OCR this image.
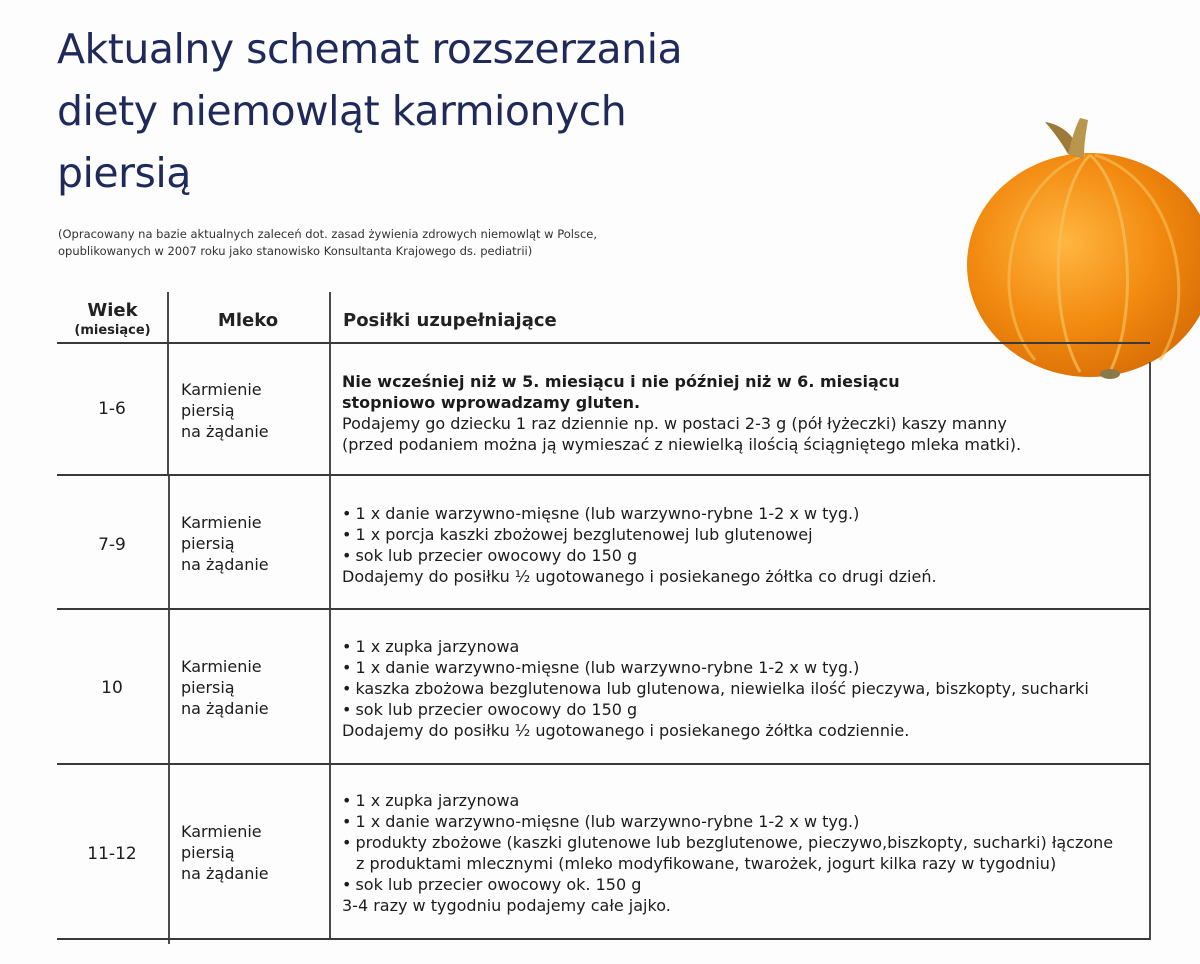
Aktualny schemat rozszerzania
diety niemowląt karmionych
piersią
(Opracowany na bazie aktualnych zaleceń dot. zasad żywienia zdrowych niemowląt w Polsce,
opublikowanych w 2007 roku jako stanowisko Konsultanta Krajowego ds. pediatrii)
Wiek
(miesiące)	Mleko	Posiłki uzupełniające
1-6
Karmienie
piersią
na żądanie
Nie wcześniej niż w 5. miesiącu i nie później niż w 6. miesiącu
stopniowo wprowadzamy gluten.
Podajemy go dziecku 1 raz dziennie np. w postaci 2-3 g (pół łyżeczki) kaszy manny
(przed podaniem można ją wymieszać z niewielką ilością ściągniętego mleka matki).
7-9
Karmienie
piersią
na żądanie
• 1 x danie warzywno-mięsne (lub warzywno-rybne 1-2 x w tyg.)
• 1 x porcja kaszki zbożowej bezglutenowej lub glutenowej
• sok lub przecier owocowy do 150 g
Dodajemy do posiłku ½ ugotowanego i posiekanego żółtka co drugi dzień.
10
Karmienie
piersią
na żądanie
• 1 x zupka jarzynowa
• 1 x danie warzywno-mięsne (lub warzywno-rybne 1-2 x w tyg.)
• kaszka zbożowa bezglutenowa lub glutenowa, niewielka ilość pieczywa, biszkopty, sucharki
• sok lub przecier owocowy do 150 g
Dodajemy do posiłku ½ ugotowanego i posiekanego żółtka codziennie.
11-12
Karmienie
piersią
na żądanie
• 1 x zupka jarzynowa
• 1 x danie warzywno-mięsne (lub warzywno-rybne 1-2 x w tyg.)
• produkty zbożowe (kaszki glutenowe lub bezglutenowe, pieczywo,biszkopty, sucharki) łączone
z produktami mlecznymi (mleko modyfikowane, twarożek, jogurt kilka razy w tygodniu)
• sok lub przecier owocowy ok. 150 g
3-4 razy w tygodniu podajemy całe jajko.
